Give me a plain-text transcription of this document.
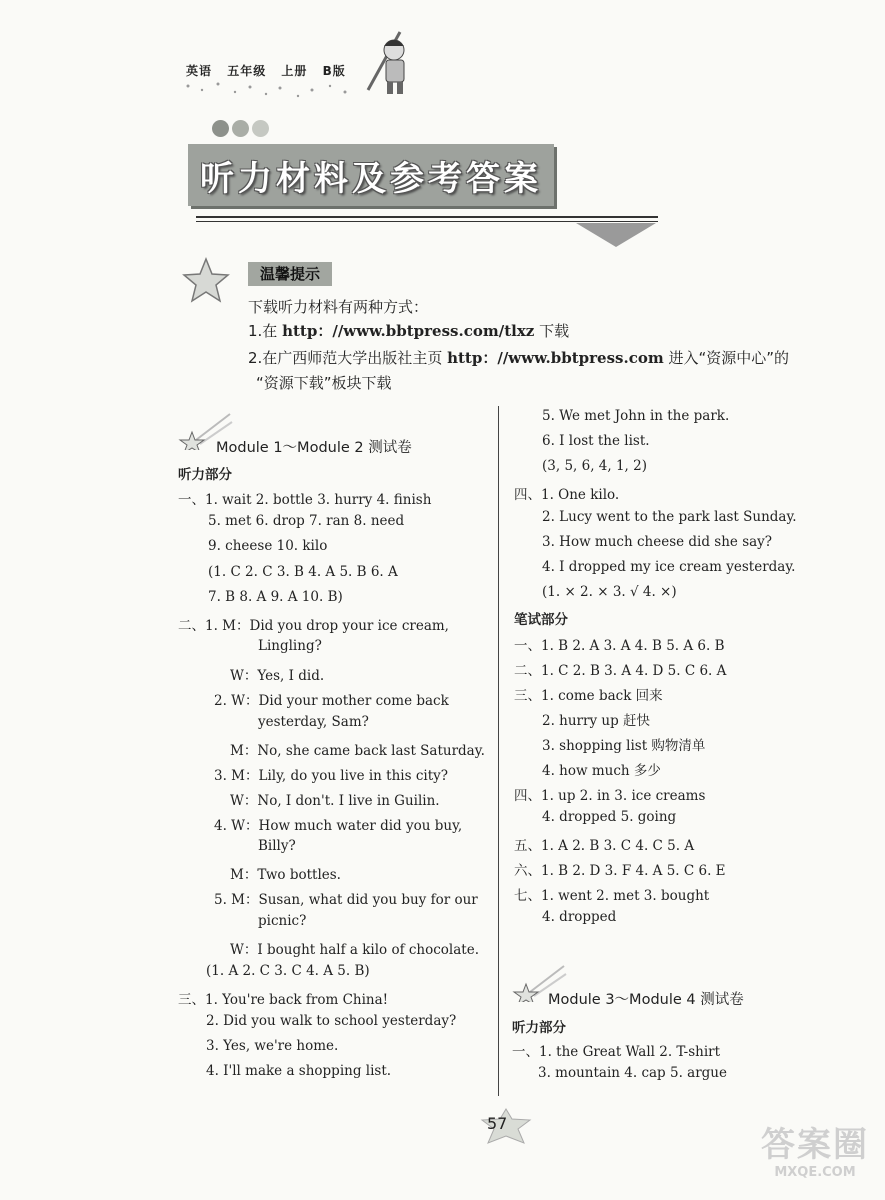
英语 五年级 上册 B版
听力材料及参考答案
温馨提示
下载听力材料有两种方式：
1.在 http：//www.bbtpress.com/tlxz 下载
2.在广西师范大学出版社主页 http：//www.bbtpress.com 进入“资源中心”的
“资源下载”板块下载
Module 1～Module 2 测试卷
听力部分
一、1. wait 2. bottle 3. hurry 4. finish
5. met 6. drop 7. ran 8. need
9. cheese 10. kilo
(1. C 2. C 3. B 4. A 5. B 6. A
7. B 8. A 9. A 10. B)
二、1. M：Did you drop your ice cream,
Lingling?
W：Yes, I did.
2. W：Did your mother come back
yesterday, Sam?
M：No, she came back last Saturday.
3. M：Lily, do you live in this city?
W：No, I don't. I live in Guilin.
4. W：How much water did you buy,
Billy?
M：Two bottles.
5. M：Susan, what did you buy for our
picnic?
W：I bought half a kilo of chocolate.
(1. A 2. C 3. C 4. A 5. B)
三、1. You're back from China!
2. Did you walk to school yesterday?
3. Yes, we're home.
4. I'll make a shopping list.
5. We met John in the park.
6. I lost the list.
(3, 5, 6, 4, 1, 2)
四、1. One kilo.
2. Lucy went to the park last Sunday.
3. How much cheese did she say?
4. I dropped my ice cream yesterday.
(1. × 2. × 3. √ 4. ×)
笔试部分
一、1. B 2. A 3. A 4. B 5. A 6. B
二、1. C 2. B 3. A 4. D 5. C 6. A
三、1. come back 回来
2. hurry up 赶快
3. shopping list 购物清单
4. how much 多少
四、1. up 2. in 3. ice creams
4. dropped 5. going
五、1. A 2. B 3. C 4. C 5. A
六、1. B 2. D 3. F 4. A 5. C 6. E
七、1. went 2. met 3. bought
4. dropped
Module 3～Module 4 测试卷
听力部分
一、1. the Great Wall 2. T-shirt
3. mountain 4. cap 5. argue
57
答案圈
MXQE.COM
